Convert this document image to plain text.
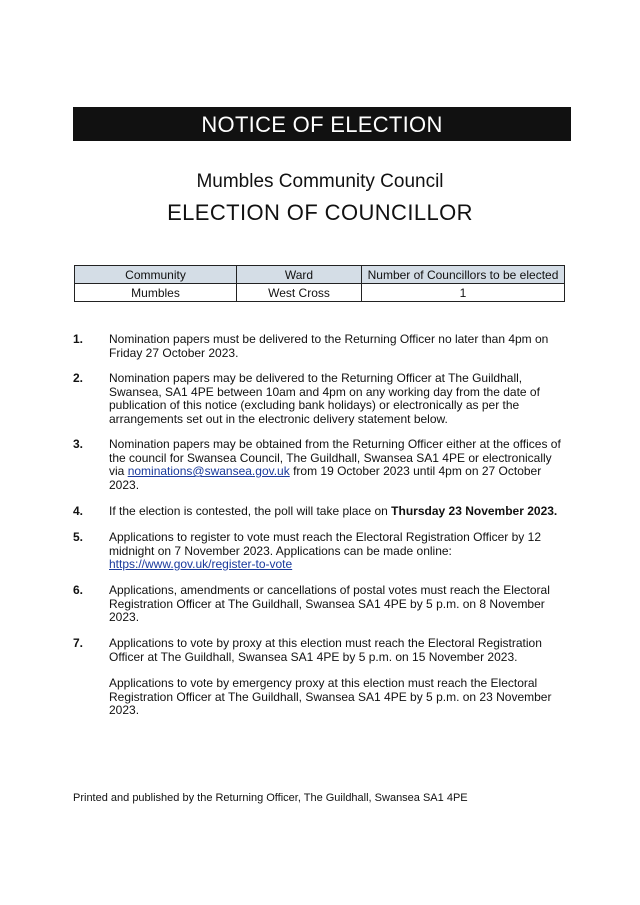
NOTICE OF ELECTION
Mumbles Community Council
ELECTION OF COUNCILLOR
Community	Ward	Number of Councillors to be elected
Mumbles	West Cross	1
1. Nomination papers must be delivered to the Returning Officer no later than 4pm on Friday 27 October 2023.
2. Nomination papers may be delivered to the Returning Officer at The Guildhall, Swansea, SA1 4PE between 10am and 4pm on any working day from the date of publication of this notice (excluding bank holidays) or electronically as per the arrangements set out in the electronic delivery statement below.
3. Nomination papers may be obtained from the Returning Officer either at the offices of the council for Swansea Council, The Guildhall, Swansea SA1 4PE or electronically via nominations@swansea.gov.uk from 19 October 2023 until 4pm on 27 October 2023.
4. If the election is contested, the poll will take place on Thursday 23 November 2023.
5. Applications to register to vote must reach the Electoral Registration Officer by 12 midnight on 7 November 2023. Applications can be made online:
https://www.gov.uk/register-to-vote
6. Applications, amendments or cancellations of postal votes must reach the Electoral Registration Officer at The Guildhall, Swansea SA1 4PE by 5 p.m. on 8 November 2023.
7. Applications to vote by proxy at this election must reach the Electoral Registration Officer at The Guildhall, Swansea SA1 4PE by 5 p.m. on 15 November 2023.
Applications to vote by emergency proxy at this election must reach the Electoral Registration Officer at The Guildhall, Swansea SA1 4PE by 5 p.m. on 23 November 2023.
Printed and published by the Returning Officer, The Guildhall, Swansea SA1 4PE
